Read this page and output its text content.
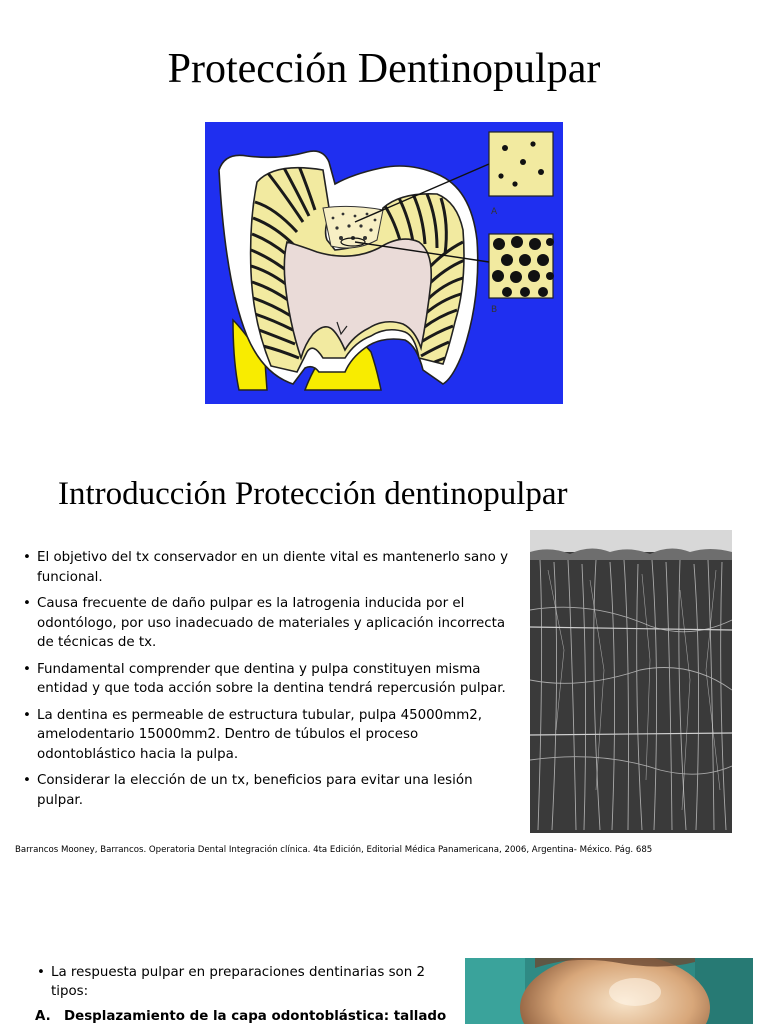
Protección Dentinopulpar
A
B
Introducción Protección dentinopulpar
• El objetivo del tx conservador en un diente vital es mantenerlo sano y funcional.
• Causa frecuente de daño pulpar es la Iatrogenia inducida por el odontólogo, por uso inadecuado de materiales y aplicación incorrecta de técnicas de tx.
• Fundamental comprender que dentina y pulpa constituyen misma entidad y que toda acción sobre la dentina tendrá repercusión pulpar.
• La dentina es permeable de estructura tubular, pulpa 45000mm2, amelodentario 15000mm2. Dentro de túbulos el proceso odontoblástico hacia la pulpa.
• Considerar la elección de un tx, beneficios para evitar una lesión pulpar.
Barrancos Mooney, Barrancos. Operatoria Dental Integración clínica. 4ta Edición, Editorial Médica Panamericana, 2006, Argentina- México. Pág. 685
• La respuesta pulpar en preparaciones dentinarias son 2 tipos:
A. Desplazamiento de la capa odontoblástica: tallado
